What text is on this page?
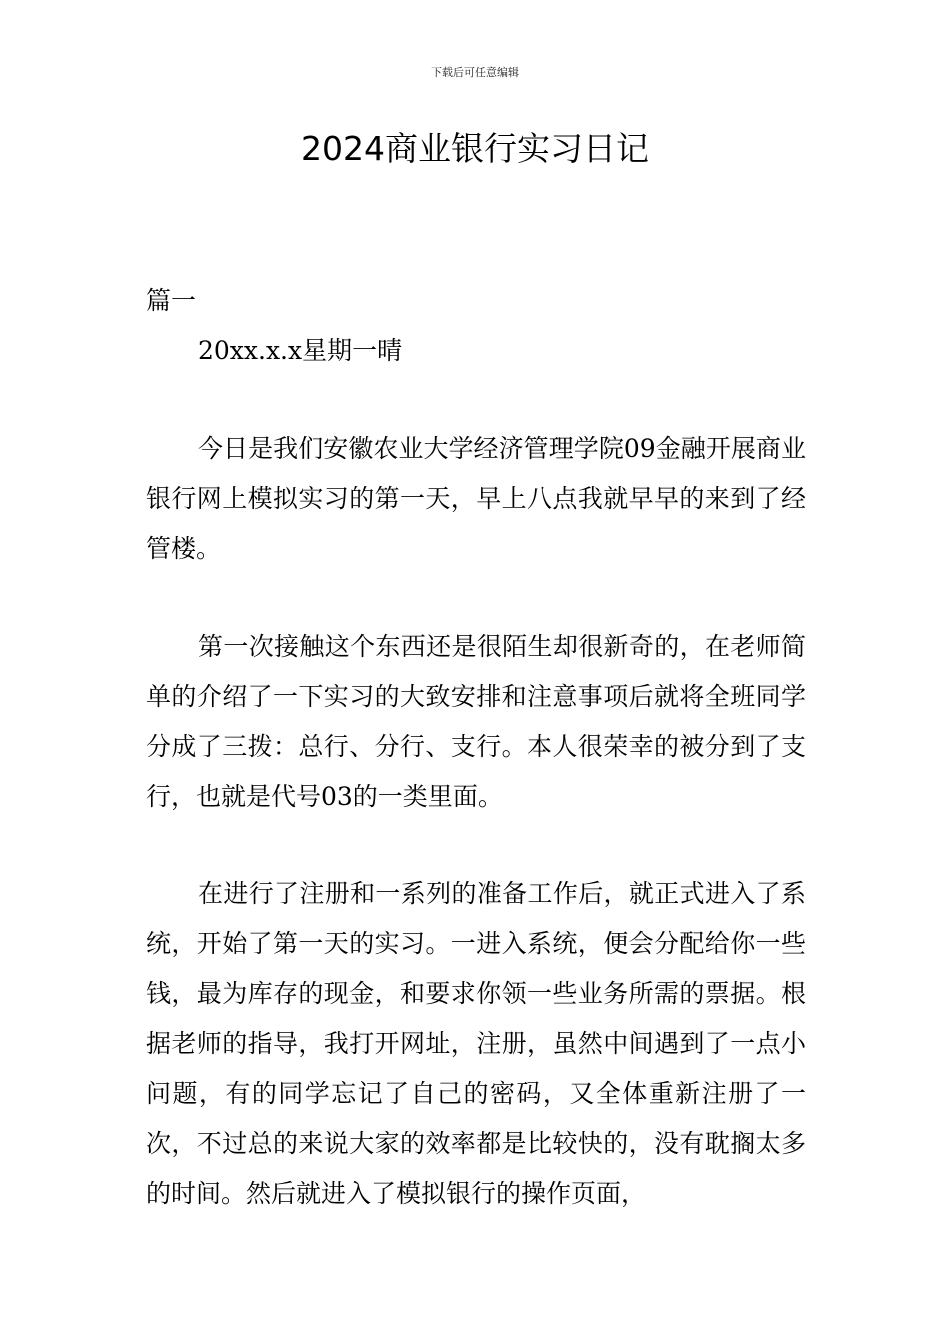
下载后可任意编辑
2024商业银行实习日记

篇一

20xx.x.x星期一晴

今日是我们安徽农业大学经济管理学院09金融开展商业银行网上模拟实习的第一天，早上八点我就早早的来到了经管楼。

第一次接触这个东西还是很陌生却很新奇的，在老师简单的介绍了一下实习的大致安排和注意事项后就将全班同学分成了三拨：总行、分行、支行。本人很荣幸的被分到了支行，也就是代号03的一类里面。

在进行了注册和一系列的准备工作后，就正式进入了系统，开始了第一天的实习。一进入系统，便会分配给你一些钱，最为库存的现金，和要求你领一些业务所需的票据。根据老师的指导，我打开网址，注册，虽然中间遇到了一点小问题，有的同学忘记了自己的密码，又全体重新注册了一次，不过总的来说大家的效率都是比较快的，没有耽搁太多的时间。然后就进入了模拟银行的操作页面，
